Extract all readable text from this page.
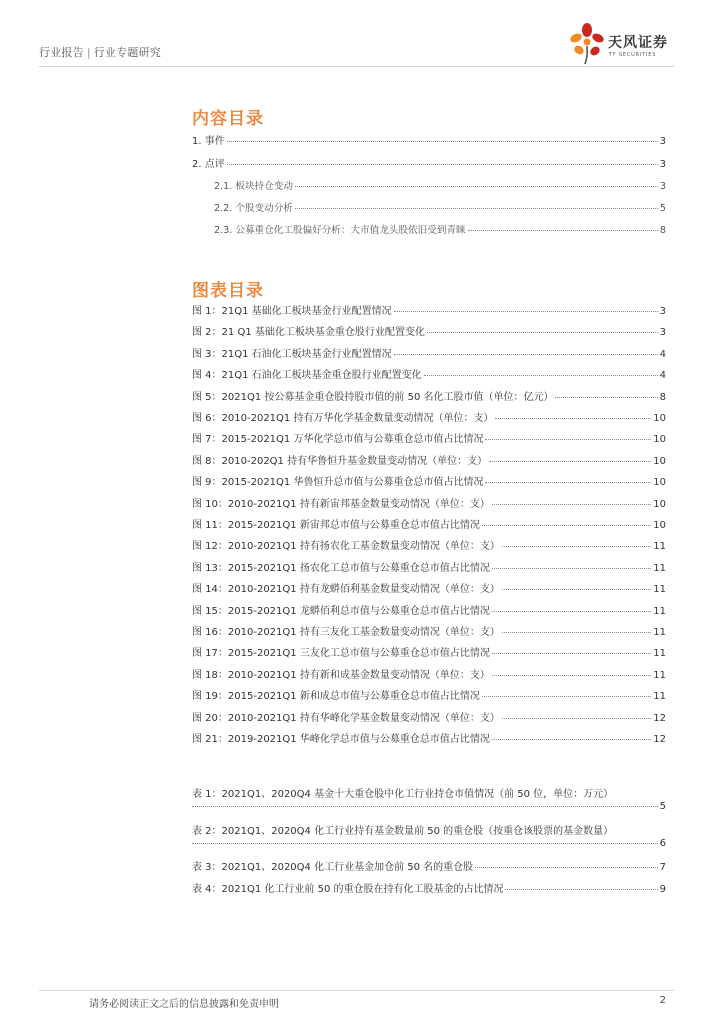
行业报告 | 行业专题研究
天风证券
TF SECURITIES
内容目录
1. 事件	3
2. 点评	3
2.1. 板块持仓变动	3
2.2. 个股变动分析	5
2.3. 公募重仓化工股偏好分析：大市值龙头股依旧受到青睐	8
图表目录
图 1：21Q1 基础化工板块基金行业配置情况	3
图 2：21 Q1 基础化工板块基金重仓股行业配置变化	3
图 3：21Q1 石油化工板块基金行业配置情况	4
图 4：21Q1 石油化工板块基金重仓股行业配置变化	4
图 5：2021Q1 按公募基金重仓股持股市值的前 50 名化工股市值（单位：亿元）	8
图 6：2010-2021Q1 持有万华化学基金数量变动情况（单位：支）	10
图 7：2015-2021Q1 万华化学总市值与公募重仓总市值占比情况	10
图 8：2010-202Q1 持有华鲁恒升基金数量变动情况（单位：支）	10
图 9：2015-2021Q1 华鲁恒升总市值与公募重仓总市值占比情况	10
图 10：2010-2021Q1 持有新宙邦基金数量变动情况（单位：支）	10
图 11：2015-2021Q1 新宙邦总市值与公募重仓总市值占比情况	10
图 12：2010-2021Q1 持有扬农化工基金数量变动情况（单位：支）	11
图 13：2015-2021Q1 扬农化工总市值与公募重仓总市值占比情况	11
图 14：2010-2021Q1 持有龙蟒佰利基金数量变动情况（单位：支）	11
图 15：2015-2021Q1 龙蟒佰利总市值与公募重仓总市值占比情况	11
图 16：2010-2021Q1 持有三友化工基金数量变动情况（单位：支）	11
图 17：2015-2021Q1 三友化工总市值与公募重仓总市值占比情况	11
图 18：2010-2021Q1 持有新和成基金数量变动情况（单位：支）	11
图 19：2015-2021Q1 新和成总市值与公募重仓总市值占比情况	11
图 20：2010-2021Q1 持有华峰化学基金数量变动情况（单位：支）	12
图 21：2019-2021Q1 华峰化学总市值与公募重仓总市值占比情况	12
表 1：2021Q1、2020Q4 基金十大重仓股中化工行业持仓市值情况（前 50 位，单位：万元）
5
表 2：2021Q1、2020Q4 化工行业持有基金数量前 50 的重仓股（按重仓该股票的基金数量）
6
表 3：2021Q1、2020Q4 化工行业基金加仓前 50 名的重仓股	7
表 4：2021Q1 化工行业前 50 的重仓股在持有化工股基金的占比情况	9
请务必阅读正文之后的信息披露和免责申明	2
